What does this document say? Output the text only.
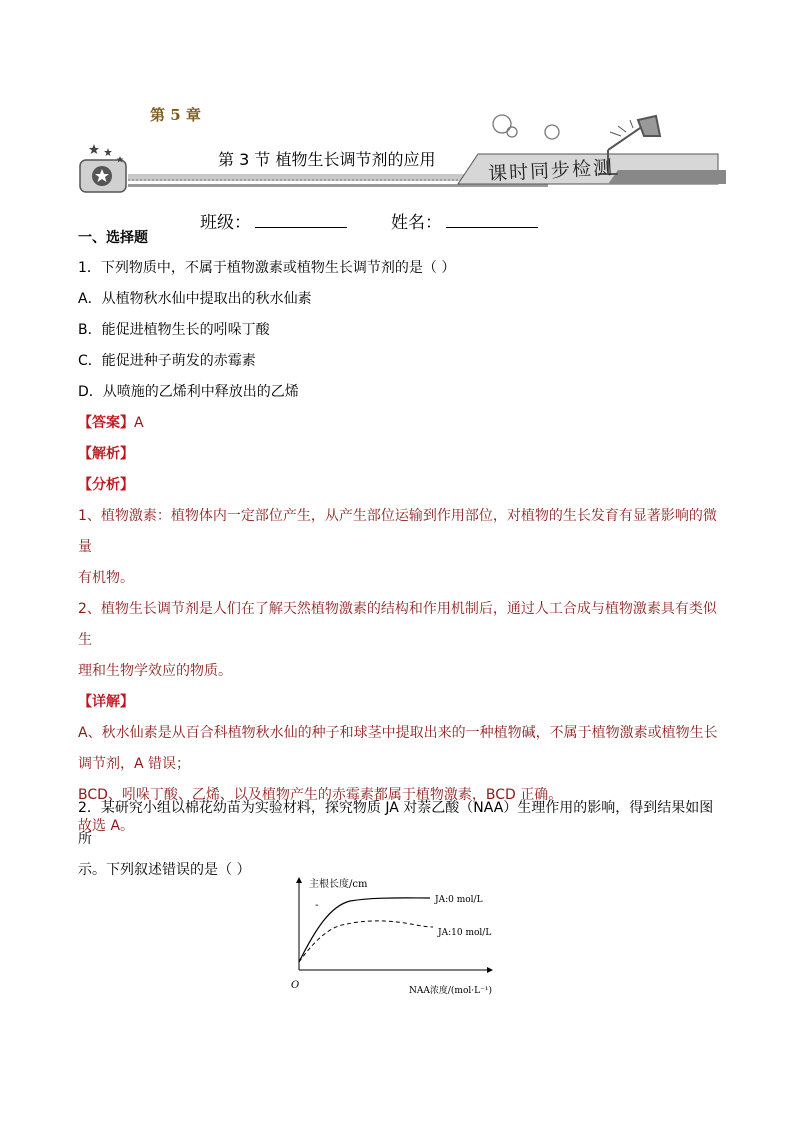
第 5 章
第 3 节 植物生长调节剂的应用	课时同步检测
班级：	姓名：
一、选择题
1．下列物质中，不属于植物激素或植物生长调节剂的是（ ）
A．从植物秋水仙中提取出的秋水仙素
B．能促进植物生长的吲哚丁酸
C．能促进种子萌发的赤霉素
D．从喷施的乙烯利中释放出的乙烯
【答案】A
【解析】
【分析】
1、植物激素：植物体内一定部位产生，从产生部位运输到作用部位，对植物的生长发育有显著影响的微量
有机物。
2、植物生长调节剂是人们在了解天然植物激素的结构和作用机制后，通过人工合成与植物激素具有类似生
理和生物学效应的物质。
【详解】
A、秋水仙素是从百合科植物秋水仙的种子和球茎中提取出来的一种植物碱，不属于植物激素或植物生长
调节剂，A 错误；
BCD、吲哚丁酸、乙烯、以及植物产生的赤霉素都属于植物激素，BCD 正确。
故选 A。
2．某研究小组以棉花幼苗为实验材料，探究物质 JA 对萘乙酸（NAA）生理作用的影响，得到结果如图所
示。下列叙述错误的是（ ）
主根长度/cm
NAA浓度/(mol·L⁻¹)
O
-	JA:0 mol/L
JA:10 mol/L
